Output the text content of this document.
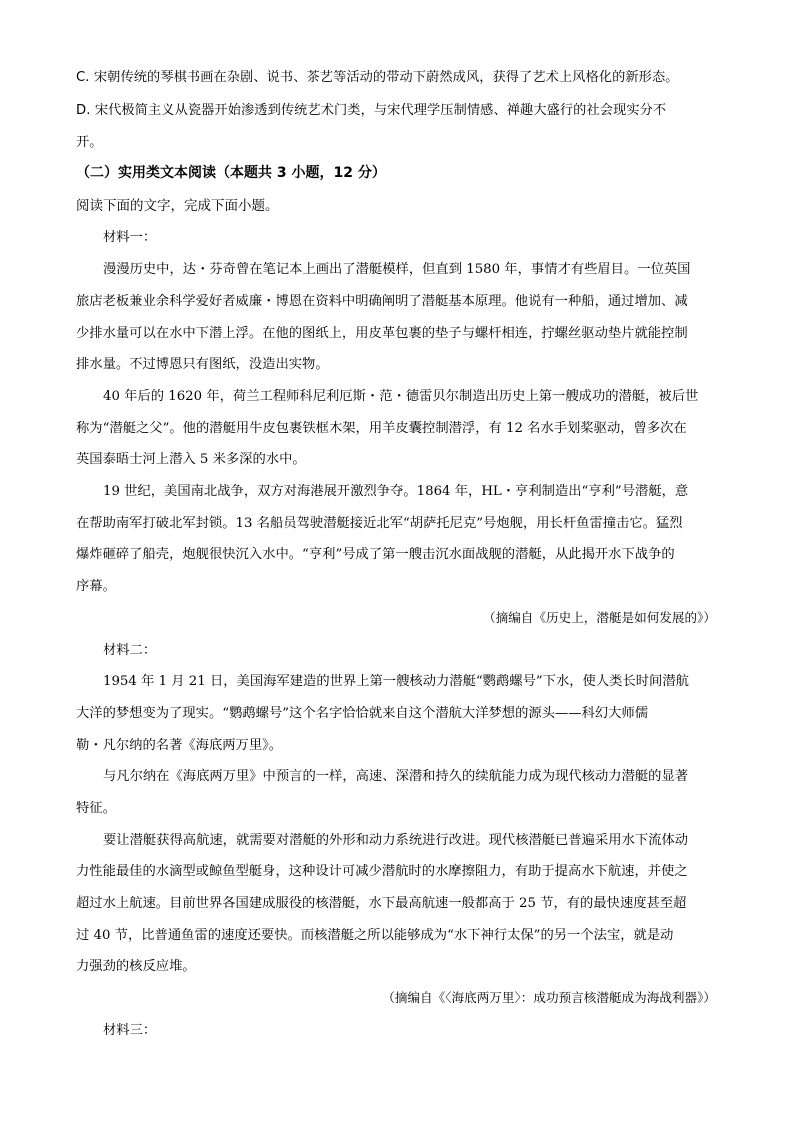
C. 宋朝传统的琴棋书画在杂剧、说书、茶艺等活动的带动下蔚然成风，获得了艺术上风格化的新形态。
D. 宋代极简主义从瓷器开始渗透到传统艺术门类，与宋代理学压制情感、禅趣大盛行的社会现实分不
开。
（二）实用类文本阅读（本题共 3 小题，12 分）
阅读下面的文字，完成下面小题。
材料一：
漫漫历史中，达・芬奇曾在笔记本上画出了潜艇模样，但直到 1580 年，事情才有些眉目。一位英国
旅店老板兼业余科学爱好者威廉・博恩在资料中明确阐明了潜艇基本原理。他说有一种船，通过增加、减
少排水量可以在水中下潜上浮。在他的图纸上，用皮革包裹的垫子与螺杆相连，拧螺丝驱动垫片就能控制
排水量。不过博恩只有图纸，没造出实物。
40 年后的 1620 年，荷兰工程师科尼利厄斯・范・德雷贝尔制造出历史上第一艘成功的潜艇，被后世
称为“潜艇之父”。他的潜艇用牛皮包裹铁框木架，用羊皮囊控制潜浮，有 12 名水手划桨驱动，曾多次在
英国泰晤士河上潜入 5 米多深的水中。
19 世纪，美国南北战争，双方对海港展开激烈争夺。1864 年，HL・亨利制造出“亨利”号潜艇，意
在帮助南军打破北军封锁。13 名船员驾驶潜艇接近北军“胡萨托尼克”号炮舰，用长杆鱼雷撞击它。猛烈
爆炸砸碎了船壳，炮舰很快沉入水中。“亨利”号成了第一艘击沉水面战舰的潜艇，从此揭开水下战争的
序幕。
（摘编自《历史上，潜艇是如何发展的》）
材料二：
1954 年 1 月 21 日，美国海军建造的世界上第一艘核动力潜艇“鹦鹉螺号”下水，使人类长时间潜航
大洋的梦想变为了现实。“鹦鹉螺号”这个名字恰恰就来自这个潜航大洋梦想的源头——科幻大师儒
勒・凡尔纳的名著《海底两万里》。
与凡尔纳在《海底两万里》中预言的一样，高速、深潜和持久的续航能力成为现代核动力潜艇的显著
特征。
要让潜艇获得高航速，就需要对潜艇的外形和动力系统进行改进。现代核潜艇已普遍采用水下流体动
力性能最佳的水滴型或鲸鱼型艇身，这种设计可减少潜航时的水摩擦阻力，有助于提高水下航速，并使之
超过水上航速。目前世界各国建成服役的核潜艇，水下最高航速一般都高于 25 节，有的最快速度甚至超
过 40 节，比普通鱼雷的速度还要快。而核潜艇之所以能够成为“水下神行太保”的另一个法宝，就是动
力强劲的核反应堆。
（摘编自《〈海底两万里〉：成功预言核潜艇成为海战利器》）
材料三：
